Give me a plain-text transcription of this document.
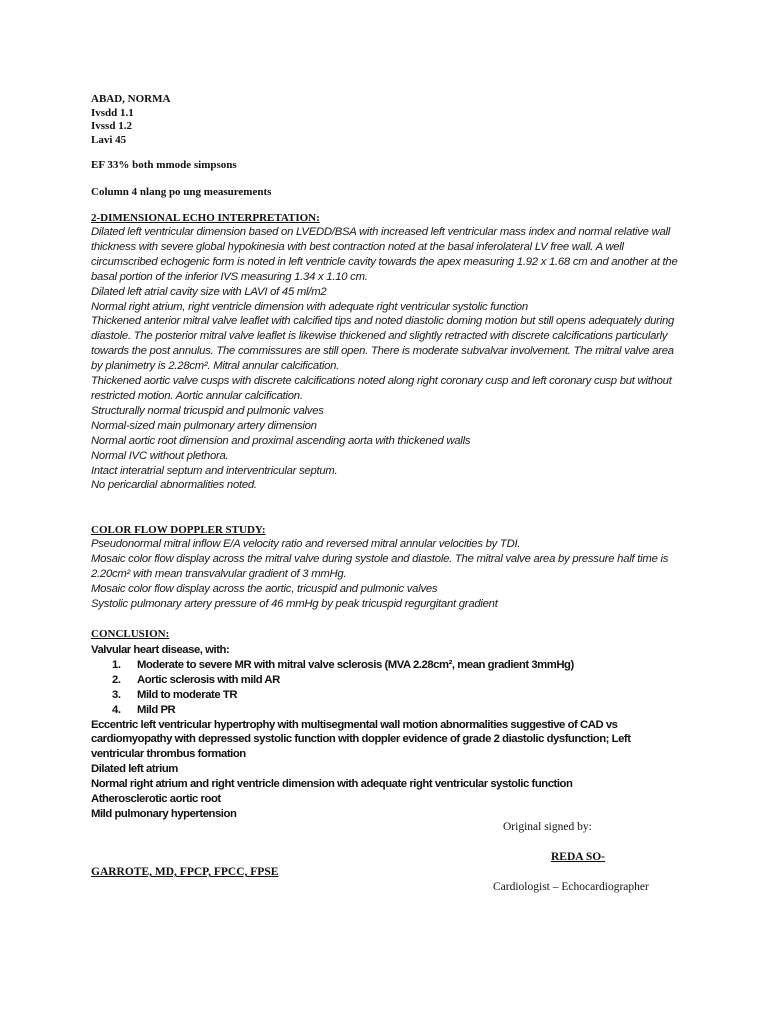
ABAD, NORMA
Ivsdd 1.1
Ivssd 1.2
Lavi 45
EF 33% both mmode simpsons
Column 4 nlang po ung measurements
2-DIMENSIONAL ECHO INTERPRETATION:
Dilated left ventricular dimension based on LVEDD/BSA with increased left ventricular mass index and normal relative wall thickness with severe global hypokinesia with best contraction noted at the basal inferolateral LV free wall. A well circumscribed echogenic form is noted in left ventricle cavity towards the apex measuring 1.92 x 1.68 cm and another at the basal portion of the inferior IVS measuring 1.34 x 1.10 cm.
Dilated left atrial cavity size with LAVI of 45 ml/m2
Normal right atrium, right ventricle dimension with adequate right ventricular systolic function
Thickened anterior mitral valve leaflet with calcified tips and noted diastolic doming motion but still opens adequately during diastole. The posterior mitral valve leaflet is likewise thickened and slightly retracted with discrete calcifications particularly towards the post annulus. The commissures are still open. There is moderate subvalvar involvement. The mitral valve area by planimetry is 2.28cm². Mitral annular calcification.
Thickened aortic valve cusps with discrete calcifications noted along right coronary cusp and left coronary cusp but without restricted motion. Aortic annular calcification.
Structurally normal tricuspid and pulmonic valves
Normal-sized main pulmonary artery dimension
Normal aortic root dimension and proximal ascending aorta with thickened walls
Normal IVC without plethora.
Intact interatrial septum and interventricular septum.
No pericardial abnormalities noted.
COLOR FLOW DOPPLER STUDY:
Pseudonormal mitral inflow E/A velocity ratio and reversed mitral annular velocities by TDI.
Mosaic color flow display across the mitral valve during systole and diastole. The mitral valve area by pressure half time is 2.20cm² with mean transvalvular gradient of 3 mmHg.
Mosaic color flow display across the aortic, tricuspid and pulmonic valves
Systolic pulmonary artery pressure of 46 mmHg by peak tricuspid regurgitant gradient
CONCLUSION:
Valvular heart disease, with:
1.	Moderate to severe MR with mitral valve sclerosis (MVA 2.28cm², mean gradient 3mmHg)
2.	Aortic sclerosis with mild AR
3.	Mild to moderate TR
4.	Mild PR
Eccentric left ventricular hypertrophy with multisegmental wall motion abnormalities suggestive of CAD vs cardiomyopathy with depressed systolic function with doppler evidence of grade 2 diastolic dysfunction; Left ventricular thrombus formation
Dilated left atrium
Normal right atrium and right ventricle dimension with adequate right ventricular systolic function
Atherosclerotic aortic root
Mild pulmonary hypertension
Original signed by:
REDA SO-
GARROTE, MD, FPCP, FPCC, FPSE
Cardiologist – Echocardiographer
